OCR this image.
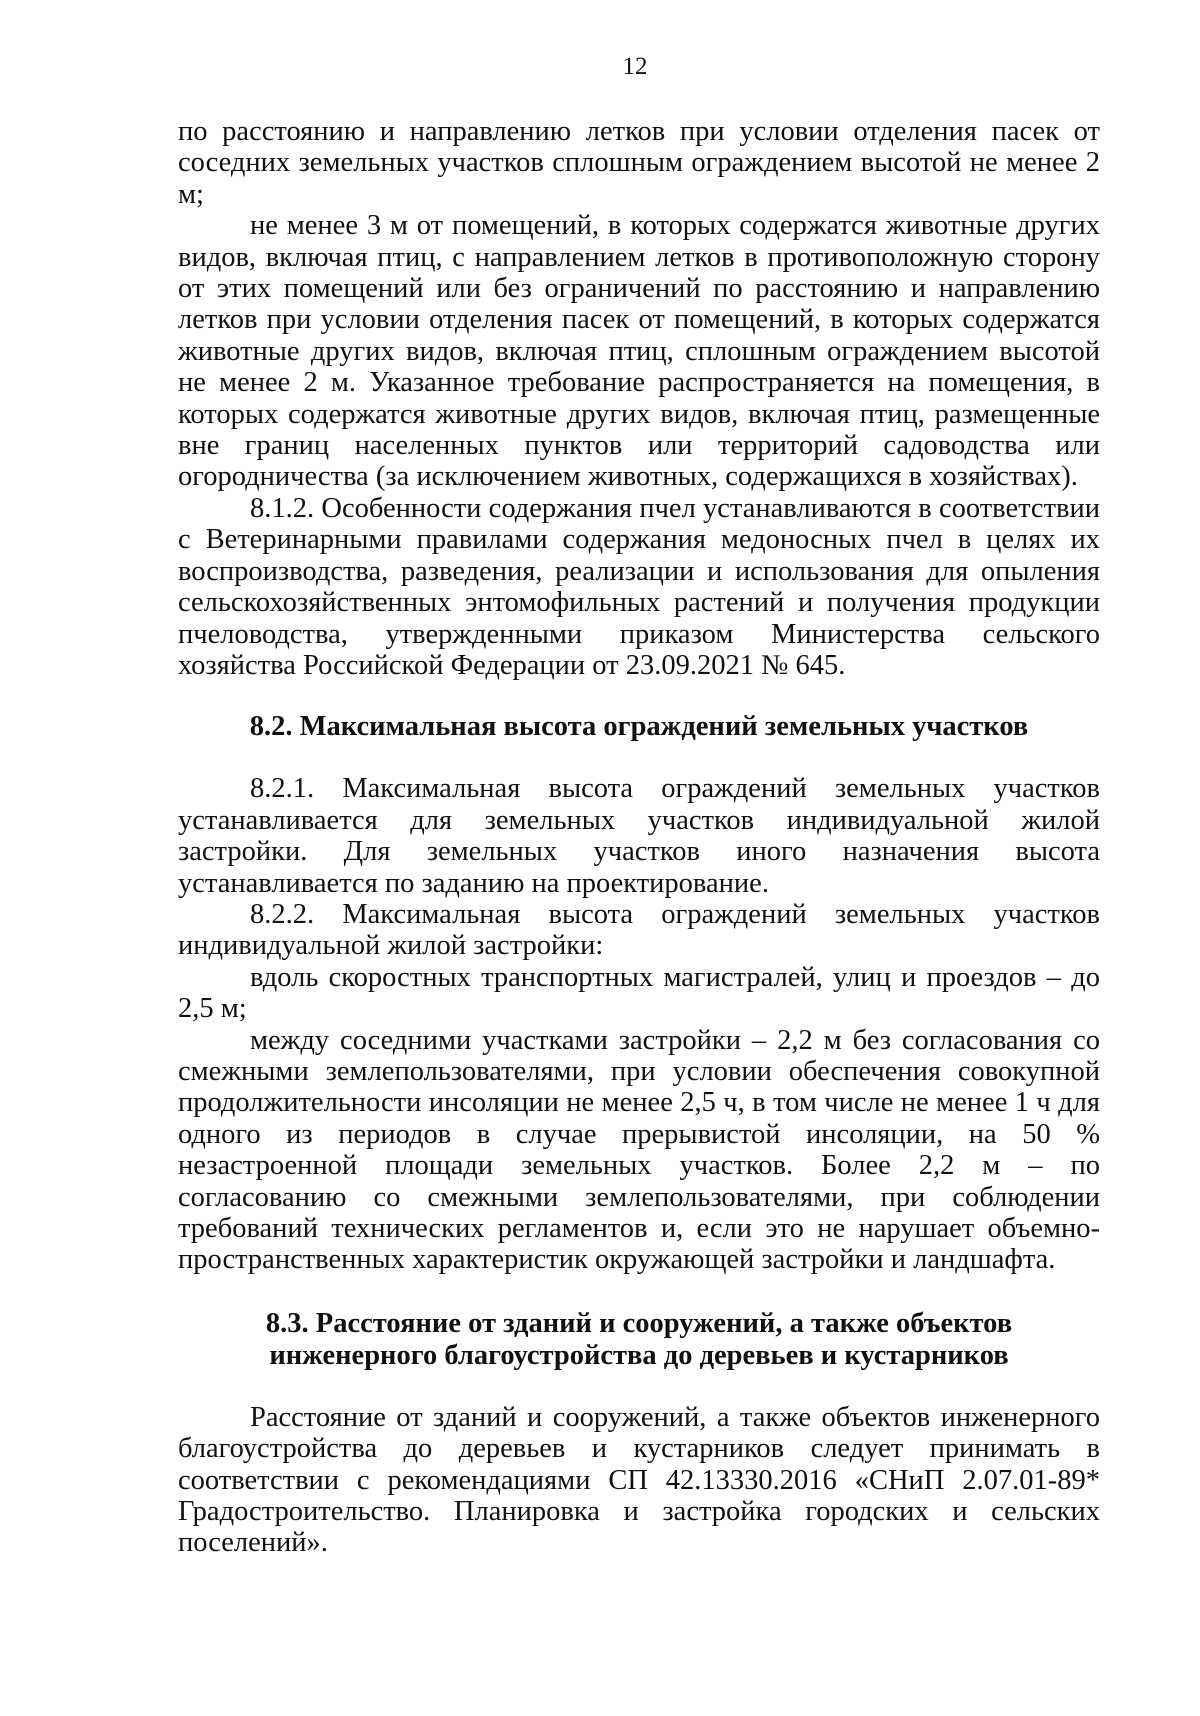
12

по расстоянию и направлению летков при условии отделения пасек от соседних земельных участков сплошным ограждением высотой не менее 2 м;

не менее 3 м от помещений, в которых содержатся животные других видов, включая птиц, с направлением летков в противоположную сторону от этих помещений или без ограничений по расстоянию и направлению летков при условии отделения пасек от помещений, в которых содержатся животные других видов, включая птиц, сплошным ограждением высотой не менее 2 м. Указанное требование распространяется на помещения, в которых содержатся животные других видов, включая птиц, размещенные вне границ населенных пунктов или территорий садоводства или огородничества (за исключением животных, содержащихся в хозяйствах).

8.1.2. Особенности содержания пчел устанавливаются в соответствии с Ветеринарными правилами содержания медоносных пчел в целях их воспроизводства, разведения, реализации и использования для опыления сельскохозяйственных энтомофильных растений и получения продукции пчеловодства, утвержденными приказом Министерства сельского хозяйства Российской Федерации от 23.09.2021 № 645.

8.2. Максимальная высота ограждений земельных участков

8.2.1. Максимальная высота ограждений земельных участков устанавливается для земельных участков индивидуальной жилой застройки. Для земельных участков иного назначения высота устанавливается по заданию на проектирование.

8.2.2. Максимальная высота ограждений земельных участков индивидуальной жилой застройки:

вдоль скоростных транспортных магистралей, улиц и проездов – до 2,5 м;

между соседними участками застройки – 2,2 м без согласования со смежными землепользователями, при условии обеспечения совокупной продолжительности инсоляции не менее 2,5 ч, в том числе не менее 1 ч для одного из периодов в случае прерывистой инсоляции, на 50 % незастроенной площади земельных участков. Более 2,2 м – по согласованию со смежными землепользователями, при соблюдении требований технических регламентов и, если это не нарушает объемно-пространственных характеристик окружающей застройки и ландшафта.

8.3. Расстояние от зданий и сооружений, а также объектов
инженерного благоустройства до деревьев и кустарников

Расстояние от зданий и сооружений, а также объектов инженерного благоустройства до деревьев и кустарников следует принимать в соответствии с рекомендациями СП 42.13330.2016 «СНиП 2.07.01-89* Градостроительство. Планировка и застройка городских и сельских поселений».
